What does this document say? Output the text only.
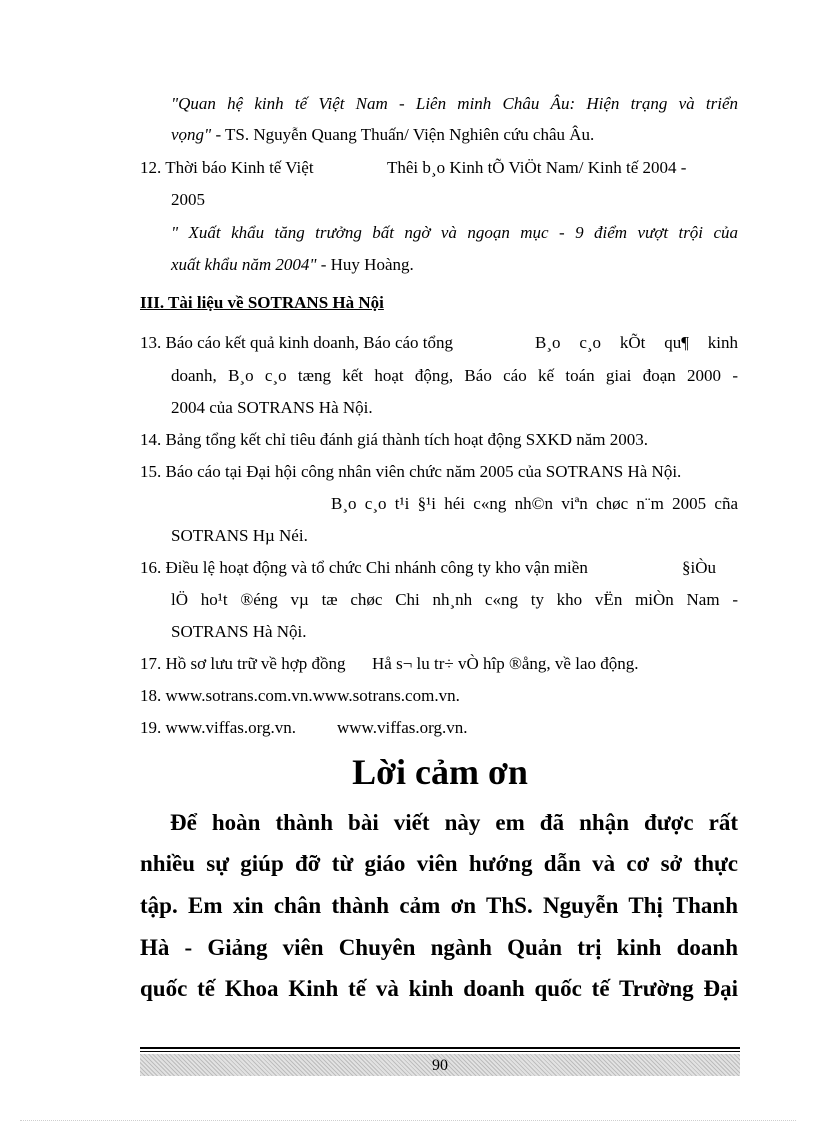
"Quan hệ kinh tế Việt Nam - Liên minh Châu Âu: Hiện trạng và triển
vọng" - TS. Nguyễn Quang Thuấn/ Viện Nghiên cứu châu Âu.
12. Thời báo Kinh tế Việt	Thêi b¸o Kinh tÕ ViÖt Nam/ Kinh tế 2004 -
2005
" Xuất khẩu tăng trưởng bất ngờ và ngoạn mục - 9 điểm vượt trội của
xuất khẩu năm 2004" - Huy Hoàng.
III. Tài liệu về SOTRANS Hà Nội
13. Báo cáo kết quả kinh doanh, Báo cáo tổng	B¸o c¸o kÕt qu¶ kinh
doanh, B¸o c¸o tæng kết hoạt động, Báo cáo kế toán giai đoạn 2000 -
2004 của SOTRANS Hà Nội.
14. Bảng tổng kết chỉ tiêu đánh giá thành tích hoạt động SXKD năm 2003.
15. Báo cáo tại Đại hội công nhân viên chức năm 2005 của SOTRANS Hà Nội.
B¸o c¸o t¹i §¹i héi c«ng nh©n viªn chøc n¨m 2005 cña
SOTRANS Hµ Néi.
16. Điều lệ hoạt động và tổ chức Chi nhánh công ty kho vận miền	§iÒu
lÖ ho¹t ®éng vµ tæ chøc Chi nh¸nh c«ng ty kho vËn miÒn Nam -
SOTRANS Hà Nội.
17. Hồ sơ lưu trữ về hợp đồng Hå s¬ lu tr÷ vÒ hîp ®ång, về lao động.
18. www.sotrans.com.vn.www.sotrans.com.vn.
19. www.viffas.org.vn. www.viffas.org.vn.
Lời cảm ơn
Để hoàn thành bài viết này em đã nhận được rất
nhiều sự giúp đỡ từ giáo viên hướng dẫn và cơ sở thực
tập. Em xin chân thành cảm ơn ThS. Nguyễn Thị Thanh
Hà - Giảng viên Chuyên ngành Quản trị kinh doanh
quốc tế Khoa Kinh tế và kinh doanh quốc tế Trường Đại
90
